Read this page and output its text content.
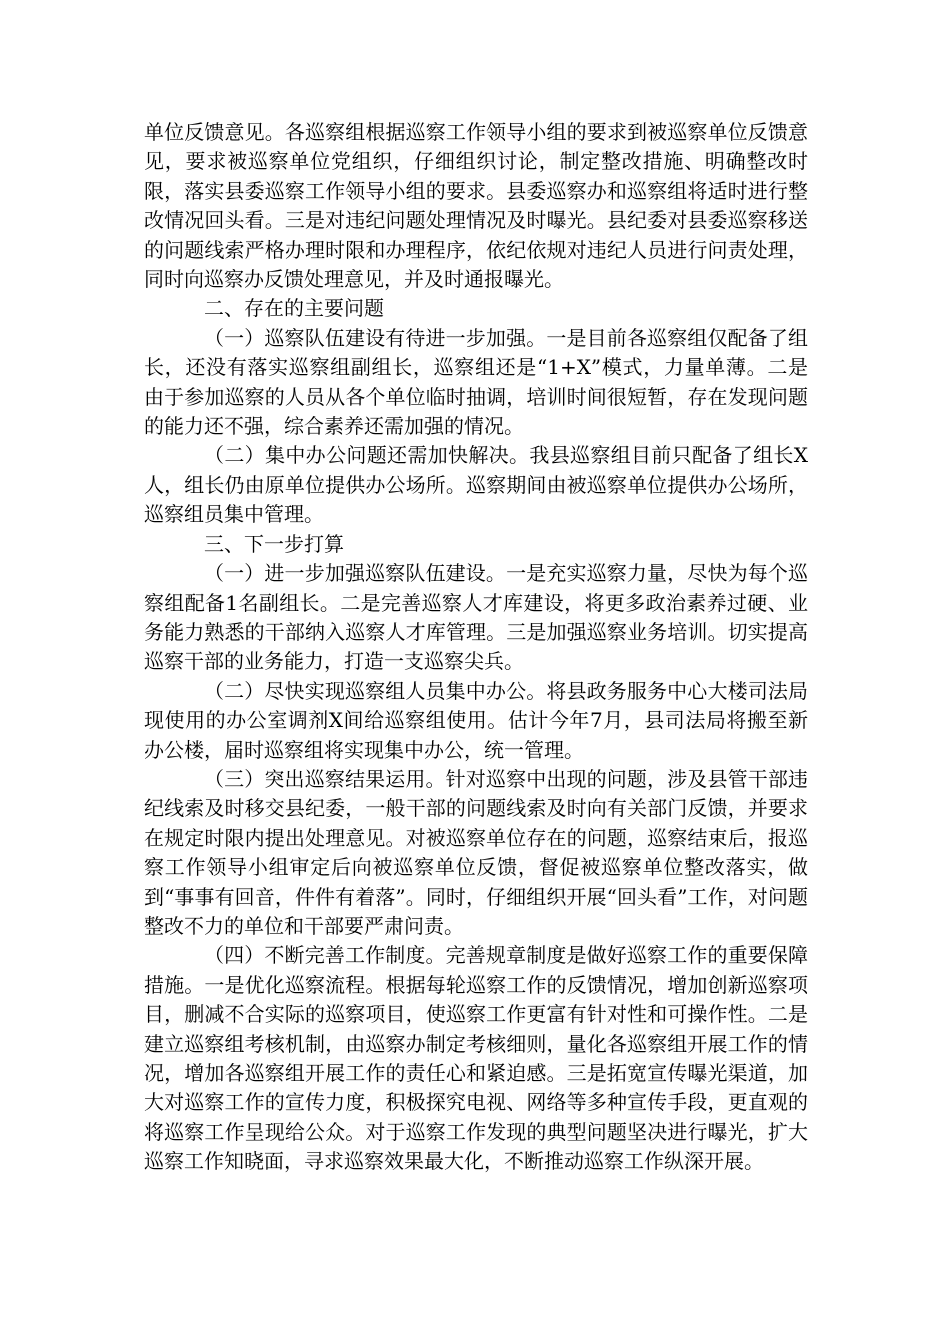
单位反馈意见。各巡察组根据巡察工作领导小组的要求到被巡察单位反馈意见，要求被巡察单位党组织，仔细组织讨论，制定整改措施、明确整改时限，落实县委巡察工作领导小组的要求。县委巡察办和巡察组将适时进行整改情况回头看。三是对违纪问题处理情况及时曝光。县纪委对县委巡察移送的问题线索严格办理时限和办理程序，依纪依规对违纪人员进行问责处理，同时向巡察办反馈处理意见，并及时通报曝光。

二、存在的主要问题

（一）巡察队伍建设有待进一步加强。一是目前各巡察组仅配备了组长，还没有落实巡察组副组长，巡察组还是“1+X”模式，力量单薄。二是由于参加巡察的人员从各个单位临时抽调，培训时间很短暂，存在发现问题的能力还不强，综合素养还需加强的情况。

（二）集中办公问题还需加快解决。我县巡察组目前只配备了组长X人，组长仍由原单位提供办公场所。巡察期间由被巡察单位提供办公场所，巡察组员集中管理。

三、下一步打算

（一）进一步加强巡察队伍建设。一是充实巡察力量，尽快为每个巡察组配备1名副组长。二是完善巡察人才库建设，将更多政治素养过硬、业务能力熟悉的干部纳入巡察人才库管理。三是加强巡察业务培训。切实提高巡察干部的业务能力，打造一支巡察尖兵。

（二）尽快实现巡察组人员集中办公。将县政务服务中心大楼司法局现使用的办公室调剂X间给巡察组使用。估计今年7月，县司法局将搬至新办公楼，届时巡察组将实现集中办公，统一管理。

（三）突出巡察结果运用。针对巡察中出现的问题，涉及县管干部违纪线索及时移交县纪委，一般干部的问题线索及时向有关部门反馈，并要求在规定时限内提出处理意见。对被巡察单位存在的问题，巡察结束后，报巡察工作领导小组审定后向被巡察单位反馈，督促被巡察单位整改落实，做到“事事有回音，件件有着落”。同时，仔细组织开展“回头看”工作，对问题整改不力的单位和干部要严肃问责。

（四）不断完善工作制度。完善规章制度是做好巡察工作的重要保障措施。一是优化巡察流程。根据每轮巡察工作的反馈情况，增加创新巡察项目，删减不合实际的巡察项目，使巡察工作更富有针对性和可操作性。二是建立巡察组考核机制，由巡察办制定考核细则，量化各巡察组开展工作的情况，增加各巡察组开展工作的责任心和紧迫感。三是拓宽宣传曝光渠道，加大对巡察工作的宣传力度，积极探究电视、网络等多种宣传手段，更直观的将巡察工作呈现给公众。对于巡察工作发现的典型问题坚决进行曝光，扩大巡察工作知晓面，寻求巡察效果最大化，不断推动巡察工作纵深开展。
